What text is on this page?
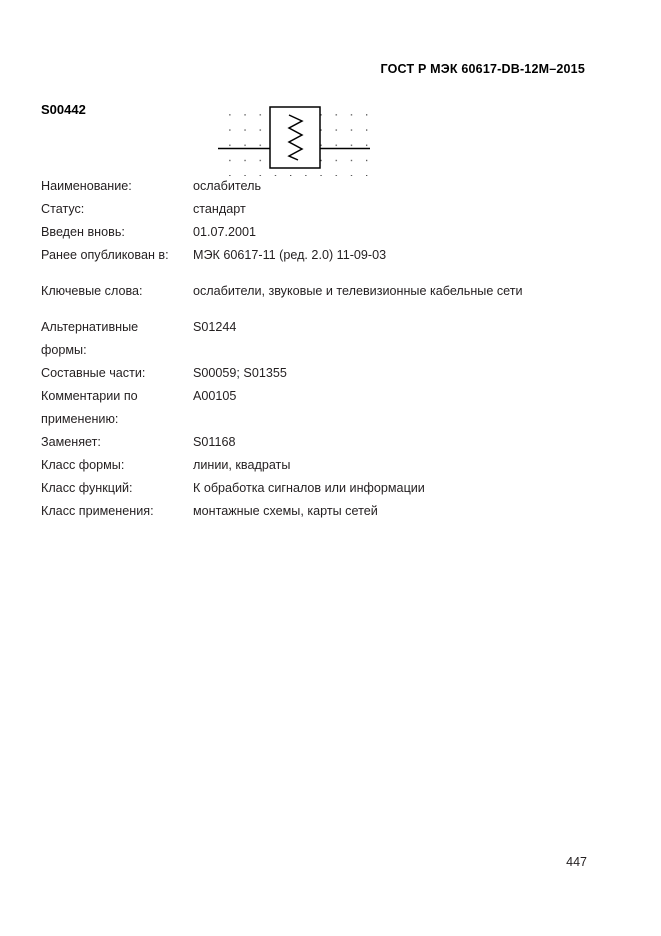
ГОСТ Р МЭК 60617-DB-12M–2015
S00442
Наименование:	ослабитель
Статус:	стандарт
Введен вновь:	01.07.2001
Ранее опубликован в:	МЭК 60617-11 (ред. 2.0) 11-09-03
Ключевые слова:	ослабители, звуковые и телевизионные кабельные сети
Альтернативные	S01244
формы:
Составные части:	S00059; S01355
Комментарии по	A00105
применению:
Заменяет:	S01168
Класс формы:	линии, квадраты
Класс функций:	К обработка сигналов или информации
Класс применения:	монтажные схемы, карты сетей
447
